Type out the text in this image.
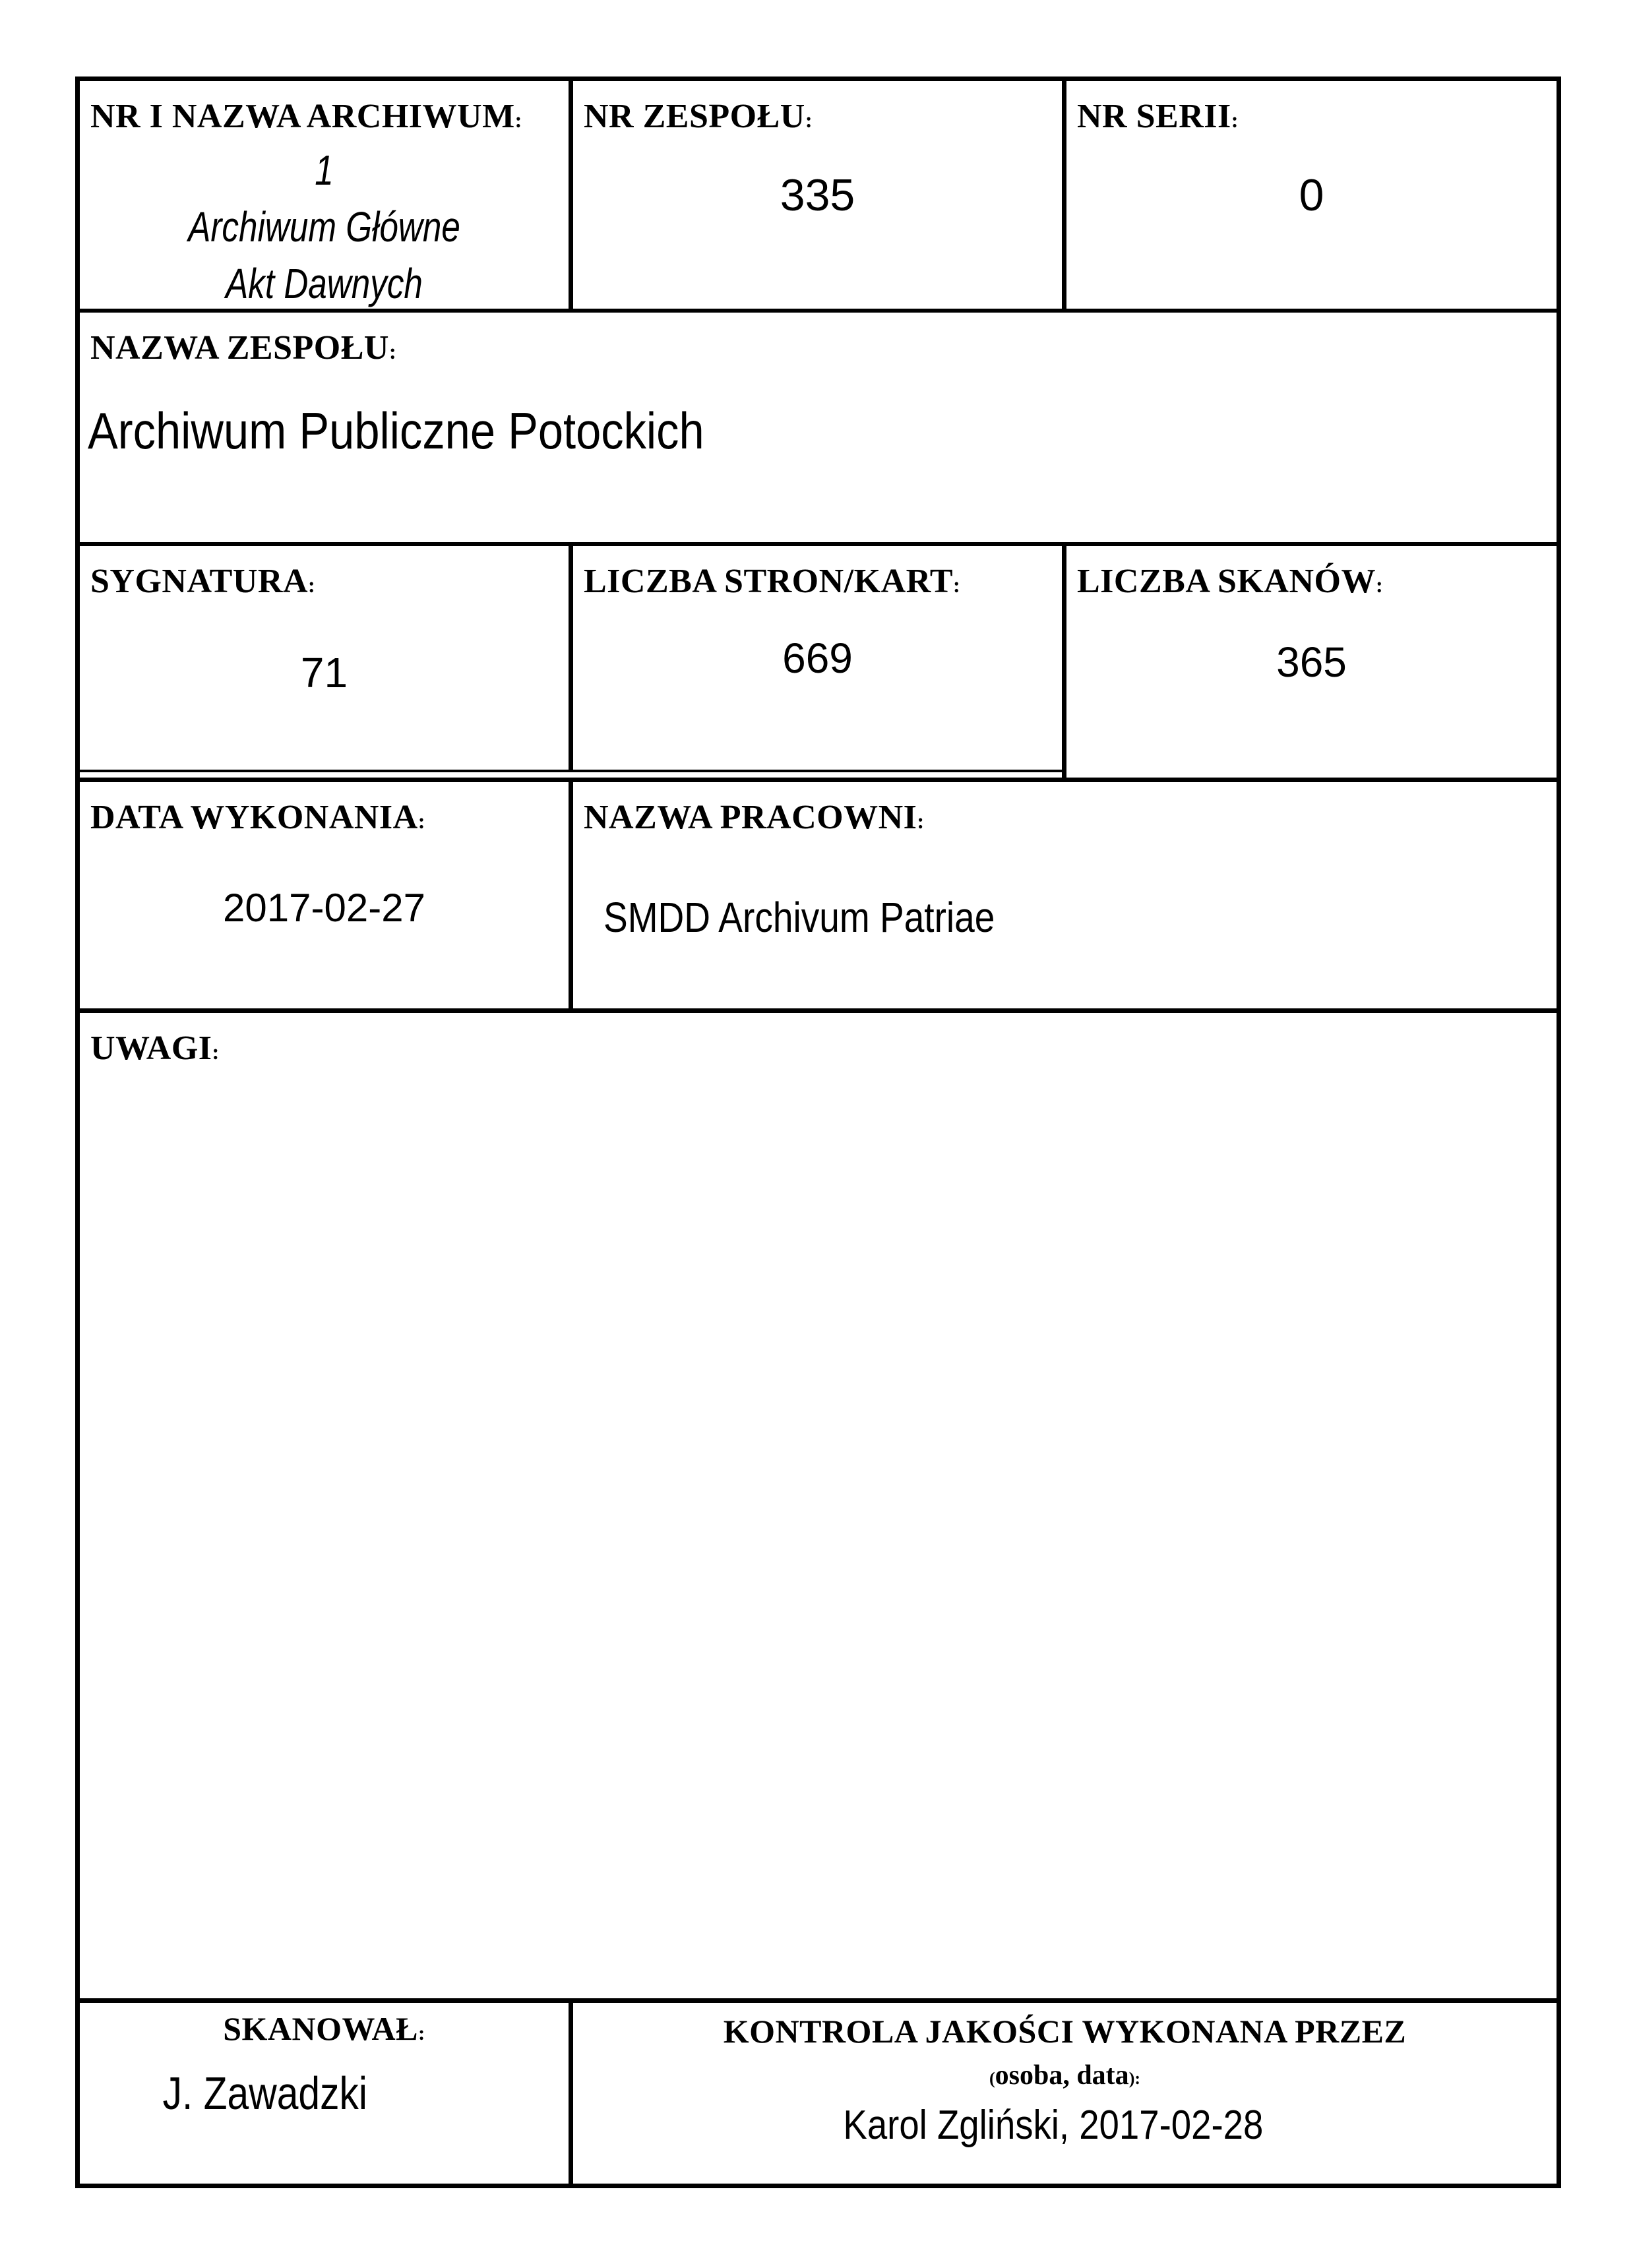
NR I NAZWA ARCHIWUM:
1
Archiwum Główne
Akt Dawnych
NR ZESPOŁU:
335
NR SERII:
0
NAZWA ZESPOŁU:
Archiwum Publiczne Potockich
SYGNATURA:
71
LICZBA STRON/KART:
669
LICZBA SKANÓW:
365
DATA WYKONANIA:
2017-02-27
NAZWA PRACOWNI:
SMDD Archivum Patriae
UWAGI:
SKANOWAŁ:
J. Zawadzki
KONTROLA JAKOŚCI WYKONANA PRZEZ
(osoba, data):
Karol Zgliński, 2017-02-28
